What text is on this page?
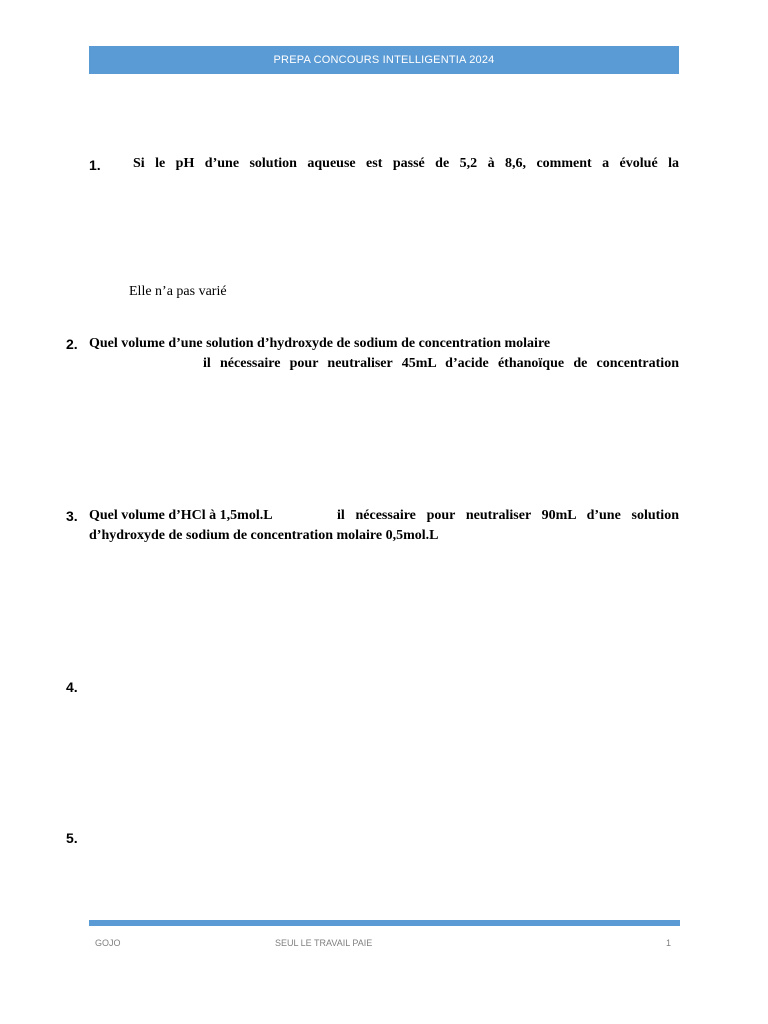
PREPA CONCOURS INTELLIGENTIA 2024
1. Si le pH d’une solution aqueuse est passé de 5,2 à 8,6, comment a évolué la
Elle n’a pas varié
2. Quel volume d’une solution d’hydroxyde de sodium de concentration molaire
il nécessaire pour neutraliser 45mL d’acide éthanoïque de concentration
3. Quel volume d’HCl à 1,5mol.L	il nécessaire pour neutraliser 90mL d’une solution
d’hydroxyde de sodium de concentration molaire 0,5mol.L
4.
5.
GOJO	SEUL LE TRAVAIL PAIE	1
